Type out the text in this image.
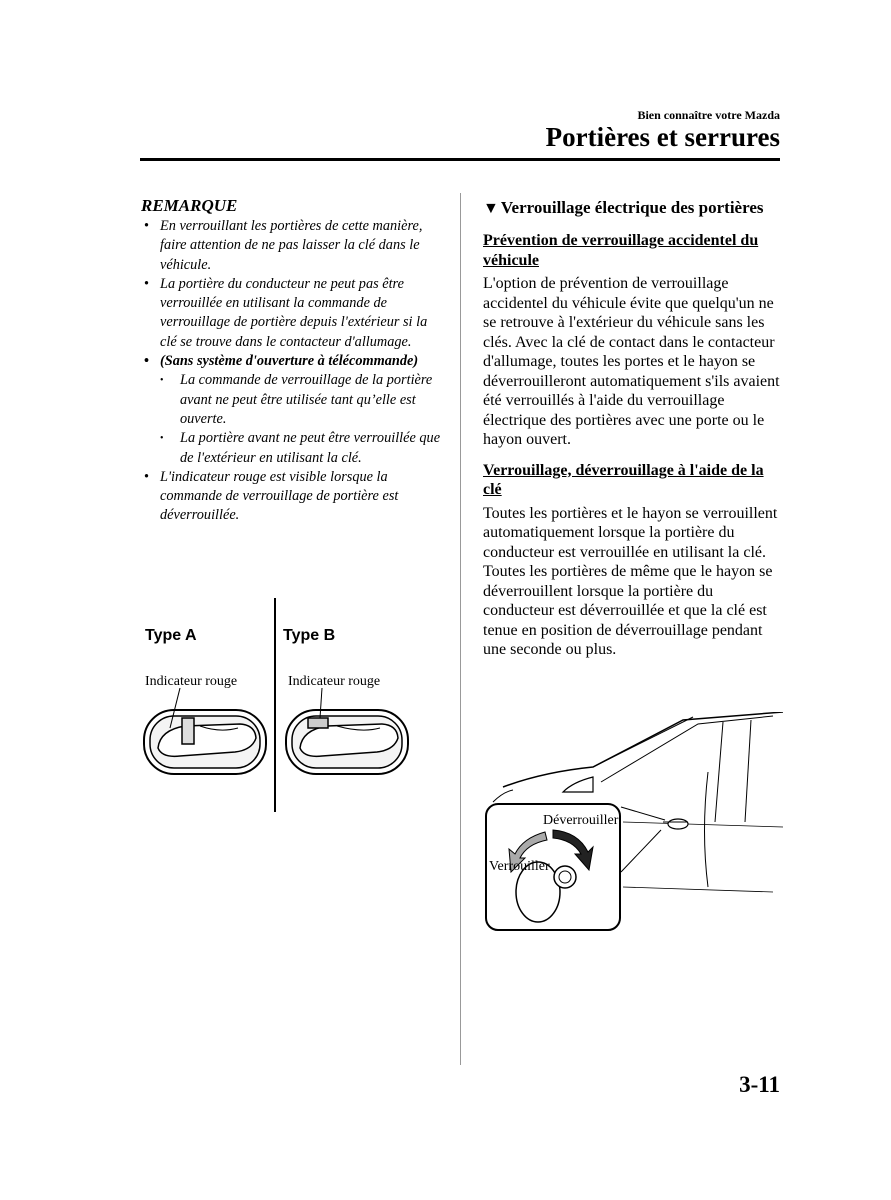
Bien connaître votre Mazda
Portières et serrures
REMARQUE
• En verrouillant les portières de cette manière, faire attention de ne pas laisser la clé dans le véhicule.
• La portière du conducteur ne peut pas être verrouillée en utilisant la commande de verrouillage de portière depuis l'extérieur si la clé se trouve dans le contacteur d'allumage.
• (Sans système d'ouverture à télécommande)
• La commande de verrouillage de la portière avant ne peut être utilisée tant qu’elle est ouverte.
• La portière avant ne peut être verrouillée que de l'extérieur en utilisant la clé.
• L'indicateur rouge est visible lorsque la commande de verrouillage de portière est déverrouillée.
Type A	Type B
Indicateur rouge	Indicateur rouge
▼ Verrouillage électrique des portières
Prévention de verrouillage accidentel du véhicule
L'option de prévention de verrouillage accidentel du véhicule évite que quelqu'un ne se retrouve à l'extérieur du véhicule sans les clés. Avec la clé de contact dans le contacteur d'allumage, toutes les portes et le hayon se déverrouilleront automatiquement s'ils avaient été verrouillés à l'aide du verrouillage électrique des portières avec une porte ou le hayon ouvert.
Verrouillage, déverrouillage à l'aide de la clé
Toutes les portières et le hayon se verrouillent automatiquement lorsque la portière du conducteur est verrouillée en utilisant la clé.
Toutes les portières de même que le hayon se déverrouillent lorsque la portière du conducteur est déverrouillée et que la clé est tenue en position de déverrouillage pendant une seconde ou plus.
Déverrouiller
Verrouiller
3-11
